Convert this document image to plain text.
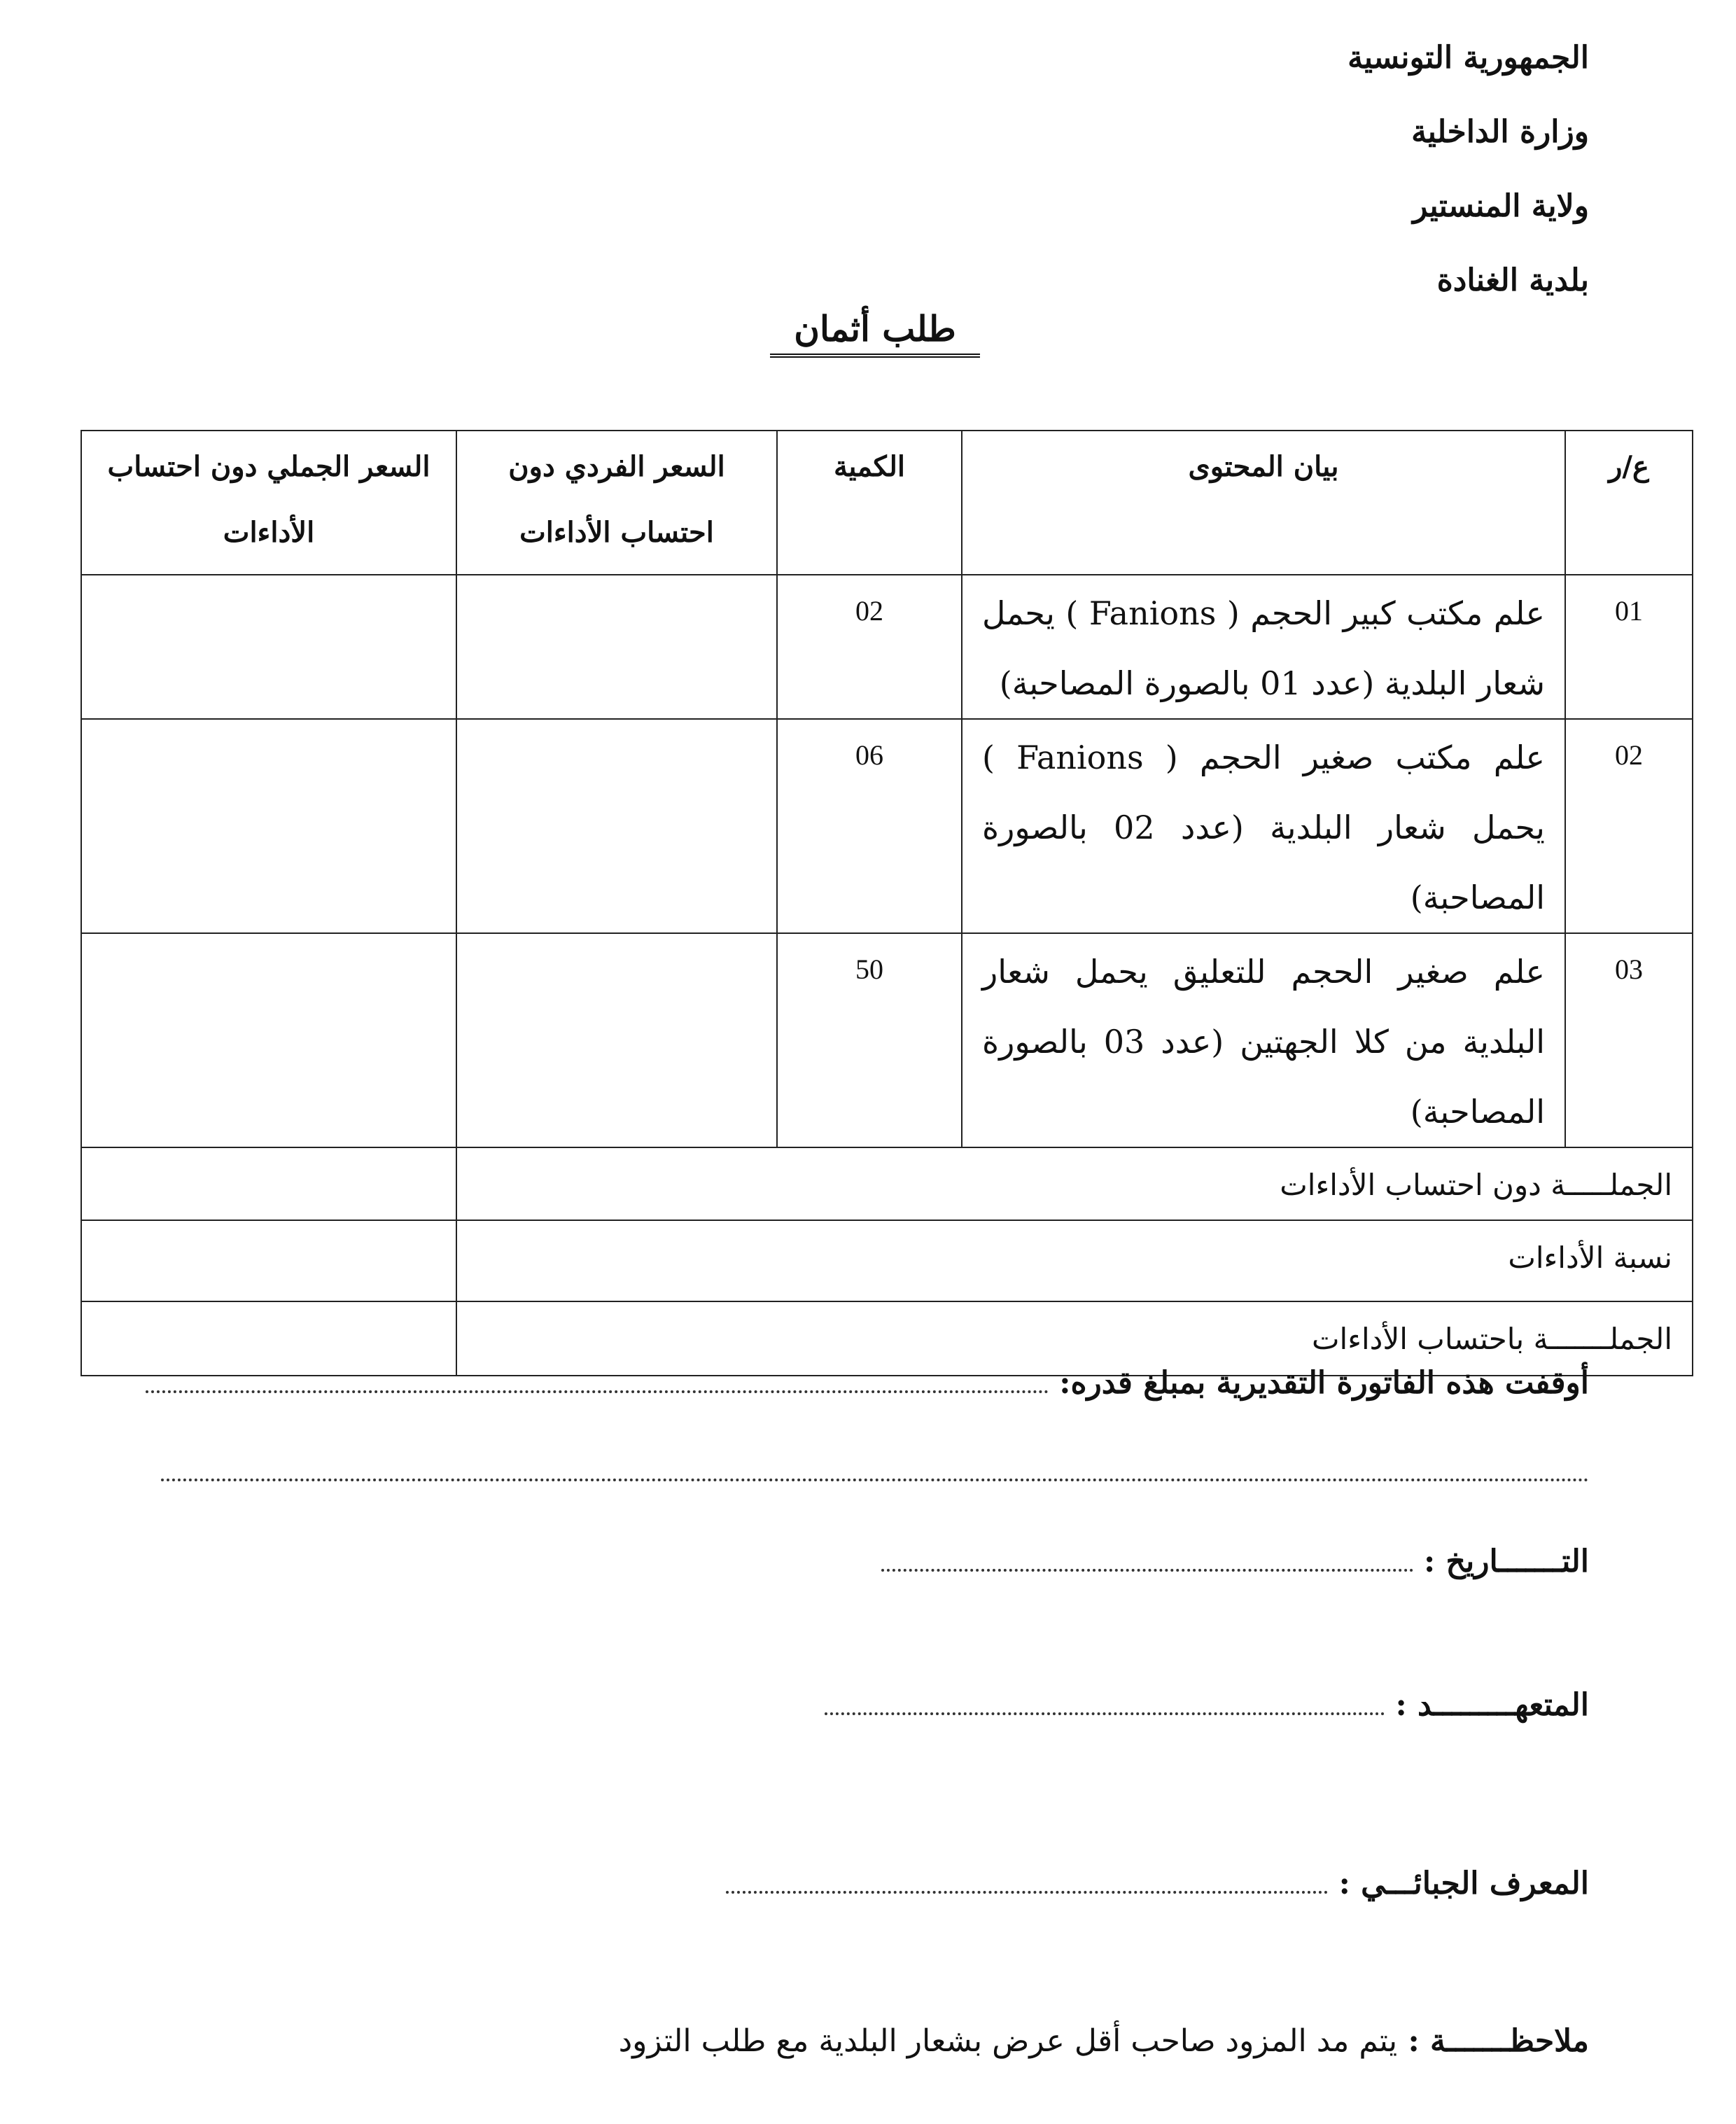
الجمهورية التونسية
وزارة الداخلية
ولاية المنستير
بلدية الغنادة
طلب أثمان
ع/ر	بيان المحتوى	الكمية	السعر الفردي دون احتساب الأداءات	السعر الجملي دون احتساب الأداءات
01	علم مكتب كبير الحجم ( Fanions ) يحمل شعار البلدية (عدد 01 بالصورة المصاحبة)	02		
02	علم مكتب صغير الحجم ( Fanions ) يحمل شعار البلدية (عدد 02 بالصورة المصاحبة)	06		
03	علم صغير الحجم للتعليق يحمل شعار البلدية من كلا الجهتين (عدد 03 بالصورة المصاحبة)	50		
الجملـــــة دون احتساب الأداءات				
نسبة الأداءات				
الجملـــــــة باحتساب الأداءات				
أوقفت هذه الفاتورة التقديرية بمبلغ قدره:
التـــــــاريخ :
المتعهـــــــــد :
المعرف الجبائـــي :
ملاحظـــــــة : يتم مد المزود صاحب أقل عرض بشعار البلدية مع طلب التزود
